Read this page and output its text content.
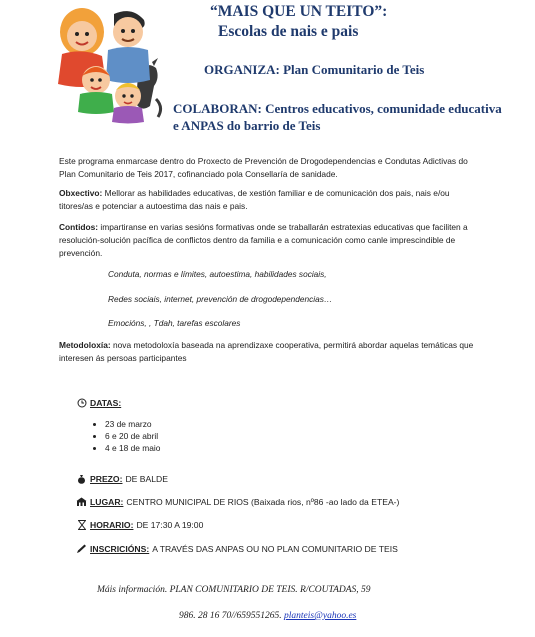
“MAIS QUE UN TEITO”:
Escolas de nais e pais
ORGANIZA: Plan Comunitario de Teis
COLABORAN: Centros educativos, comunidade educativa e ANPAS do barrio de Teis

Este programa enmarcase dentro do Proxecto de Prevención de Drogodependencias e Condutas Adictivas do Plan Comunitario de Teis 2017, cofinanciado pola Consellaría de sanidade.

Obxectivo: Mellorar as habilidades educativas, de xestión familiar e de comunicación dos pais, nais e/ou titores/as e potenciar a autoestima das nais e pais.

Contidos: impartiranse en varias sesións formativas onde se traballarán estratexias educativas que faciliten a resolución-solución pacífica de conflictos dentro da familia e a comunicación como canle imprescindible de prevención.

Conduta, normas e límites, autoestima, habilidades sociais,
Redes sociais, internet, prevención de drogodependencias…
Emocións, , Tdah, tarefas escolares

Metodoloxía: nova metodoloxía baseada na aprendizaxe cooperativa, permitirá abordar aquelas temáticas que interesen ás persoas participantes

DATAS:
23 de marzo
6 e 20 de abril
4 e 18 de maio
PREZO: DE BALDE
LUGAR: CENTRO MUNICIPAL DE RIOS (Baixada rios, nº86 -ao lado da ETEA-)
HORARIO: DE 17:30 A 19:00
INSCRICIÓNS: A TRAVÉS DAS ANPAS OU NO PLAN COMUNITARIO DE TEIS
Máis información. PLAN COMUNITARIO DE TEIS. R/COUTADAS, 59
986. 28 16 70//659551265. planteis@yahoo.es
